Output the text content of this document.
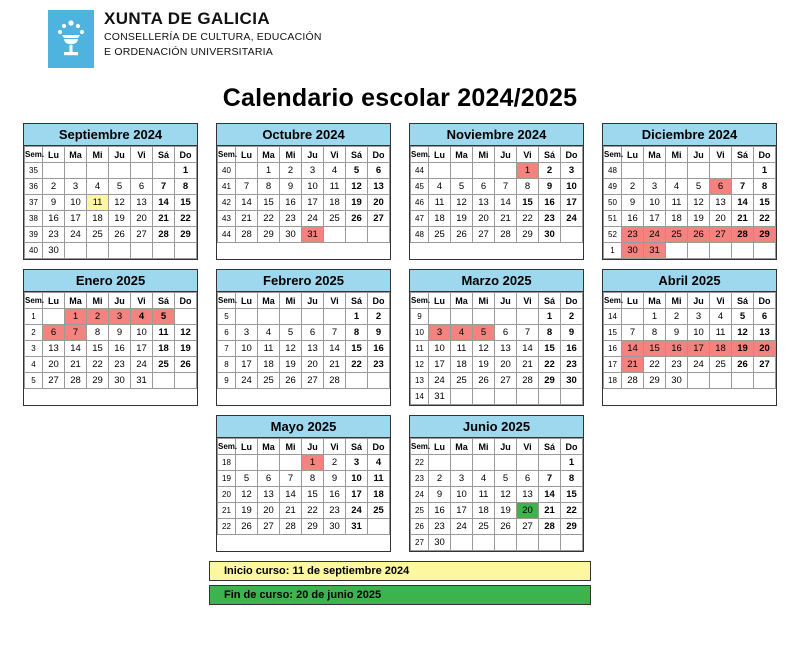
XUNTA DE GALICIA
CONSELLERÍA DE CULTURA, EDUCACIÓN
E ORDENACIÓN UNIVERSITARIA
Calendario escolar 2024/2025
Septiembre 2024
Sem.	Lu	Ma	Mi	Ju	Vi	Sá	Do
35							1
36	2	3	4	5	6	7	8
37	9	10	11	12	13	14	15
38	16	17	18	19	20	21	22
39	23	24	25	26	27	28	29
40	30						
Octubre 2024
Sem.	Lu	Ma	Mi	Ju	Vi	Sá	Do
40		1	2	3	4	5	6
41	7	8	9	10	11	12	13
42	14	15	16	17	18	19	20
43	21	22	23	24	25	26	27
44	28	29	30	31			
Noviembre 2024
Sem.	Lu	Ma	Mi	Ju	Vi	Sá	Do
44					1	2	3
45	4	5	6	7	8	9	10
46	11	12	13	14	15	16	17
47	18	19	20	21	22	23	24
48	25	26	27	28	29	30	
Diciembre 2024
Sem.	Lu	Ma	Mi	Ju	Vi	Sá	Do
48							1
49	2	3	4	5	6	7	8
50	9	10	11	12	13	14	15
51	16	17	18	19	20	21	22
52	23	24	25	26	27	28	29
1	30	31					
Enero 2025
Sem.	Lu	Ma	Mi	Ju	Vi	Sá	Do
1		1	2	3	4	5	
2	6	7	8	9	10	11	12
3	13	14	15	16	17	18	19
4	20	21	22	23	24	25	26
5	27	28	29	30	31		
Febrero 2025
Sem.	Lu	Ma	Mi	Ju	Vi	Sá	Do
5						1	2
6	3	4	5	6	7	8	9
7	10	11	12	13	14	15	16
8	17	18	19	20	21	22	23
9	24	25	26	27	28		
Marzo 2025
Sem.	Lu	Ma	Mi	Ju	Vi	Sá	Do
9						1	2
10	3	4	5	6	7	8	9
11	10	11	12	13	14	15	16
12	17	18	19	20	21	22	23
13	24	25	26	27	28	29	30
14	31						
Abril 2025
Sem.	Lu	Ma	Mi	Ju	Vi	Sá	Do
14		1	2	3	4	5	6
15	7	8	9	10	11	12	13
16	14	15	16	17	18	19	20
17	21	22	23	24	25	26	27
18	28	29	30				
Mayo 2025
Sem.	Lu	Ma	Mi	Ju	Vi	Sá	Do
18				1	2	3	4
19	5	6	7	8	9	10	11
20	12	13	14	15	16	17	18
21	19	20	21	22	23	24	25
22	26	27	28	29	30	31	
Junio 2025
Sem.	Lu	Ma	Mi	Ju	Vi	Sá	Do
22							1
23	2	3	4	5	6	7	8
24	9	10	11	12	13	14	15
25	16	17	18	19	20	21	22
26	23	24	25	26	27	28	29
27	30						
Inicio curso: 11 de septiembre 2024
Fin de curso: 20 de junio 2025
